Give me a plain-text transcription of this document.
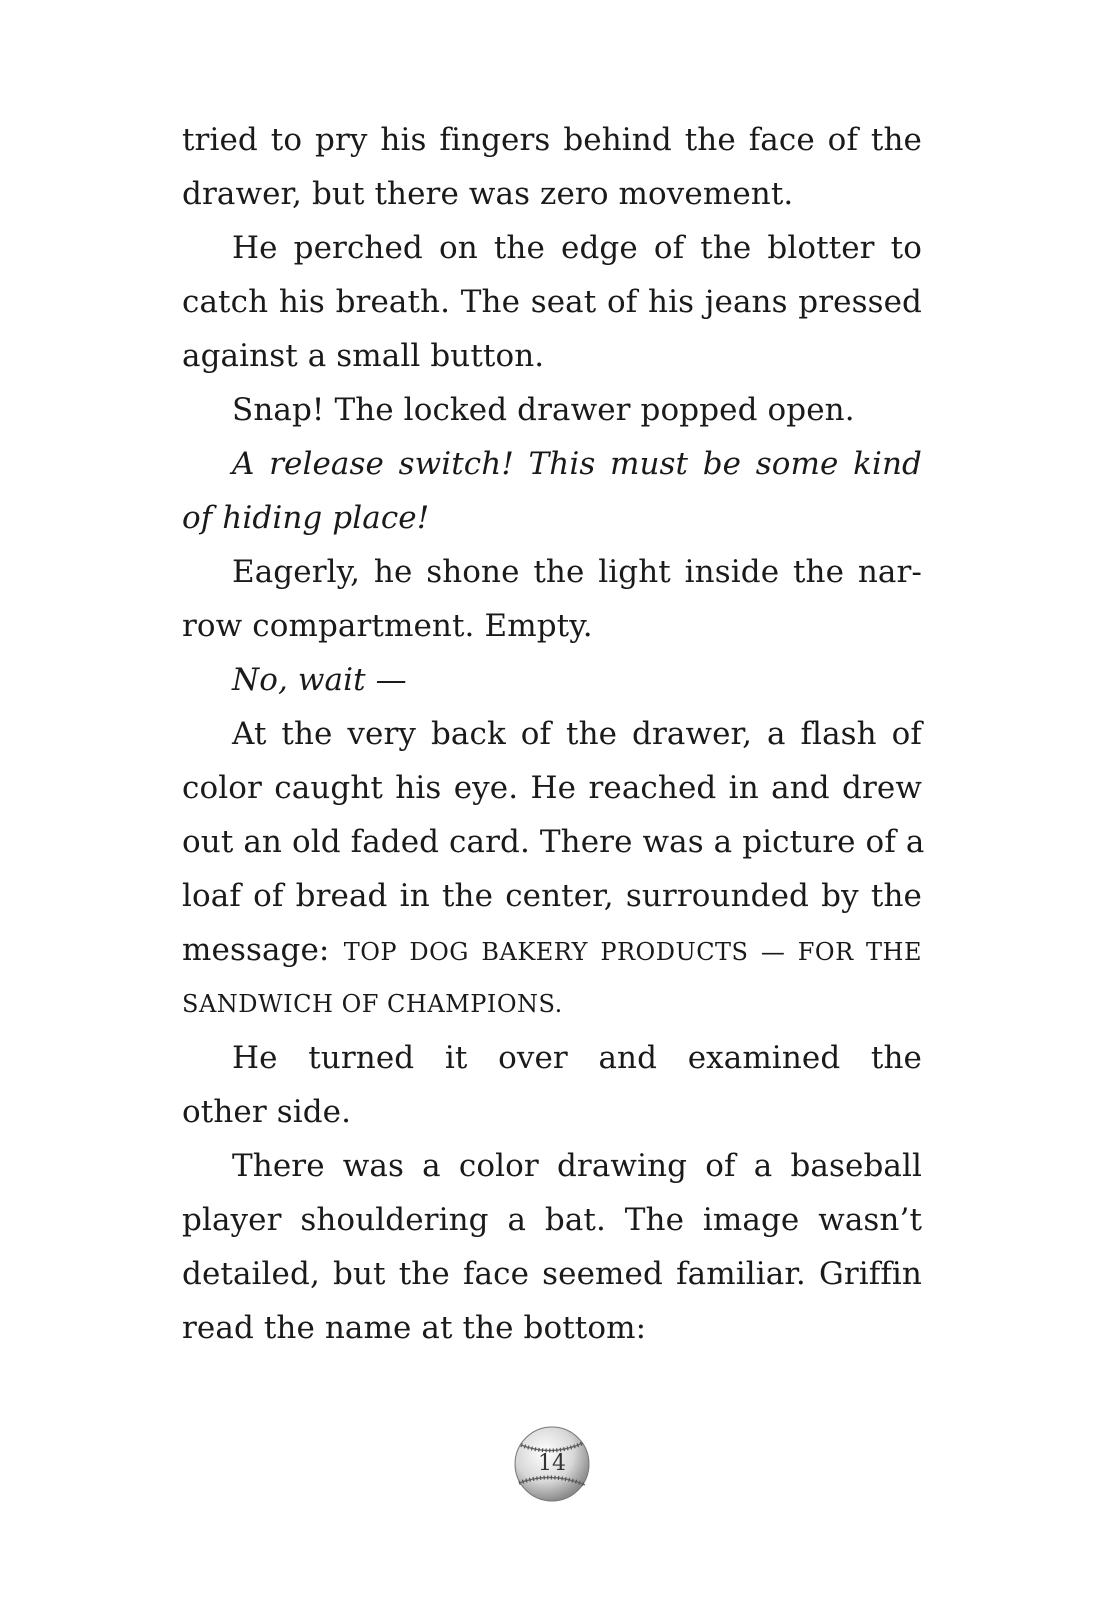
tried to pry his fingers behind the face of the
drawer, but there was zero movement.
He perched on the edge of the blotter to
catch his breath. The seat of his jeans pressed
against a small button.
Snap! The locked drawer popped open.
A release switch! This must be some kind
of hiding place!
Eagerly, he shone the light inside the nar-
row compartment. Empty.
No, wait —
At the very back of the drawer, a flash of
color caught his eye. He reached in and drew
out an old faded card. There was a picture of a
loaf of bread in the center, surrounded by the
message: TOP DOG BAKERY PRODUCTS — FOR THE
SANDWICH OF CHAMPIONS.
He turned it over and examined the
other side.
There was a color drawing of a baseball
player shouldering a bat. The image wasn’t
detailed, but the face seemed familiar. Griffin
read the name at the bottom:
14
